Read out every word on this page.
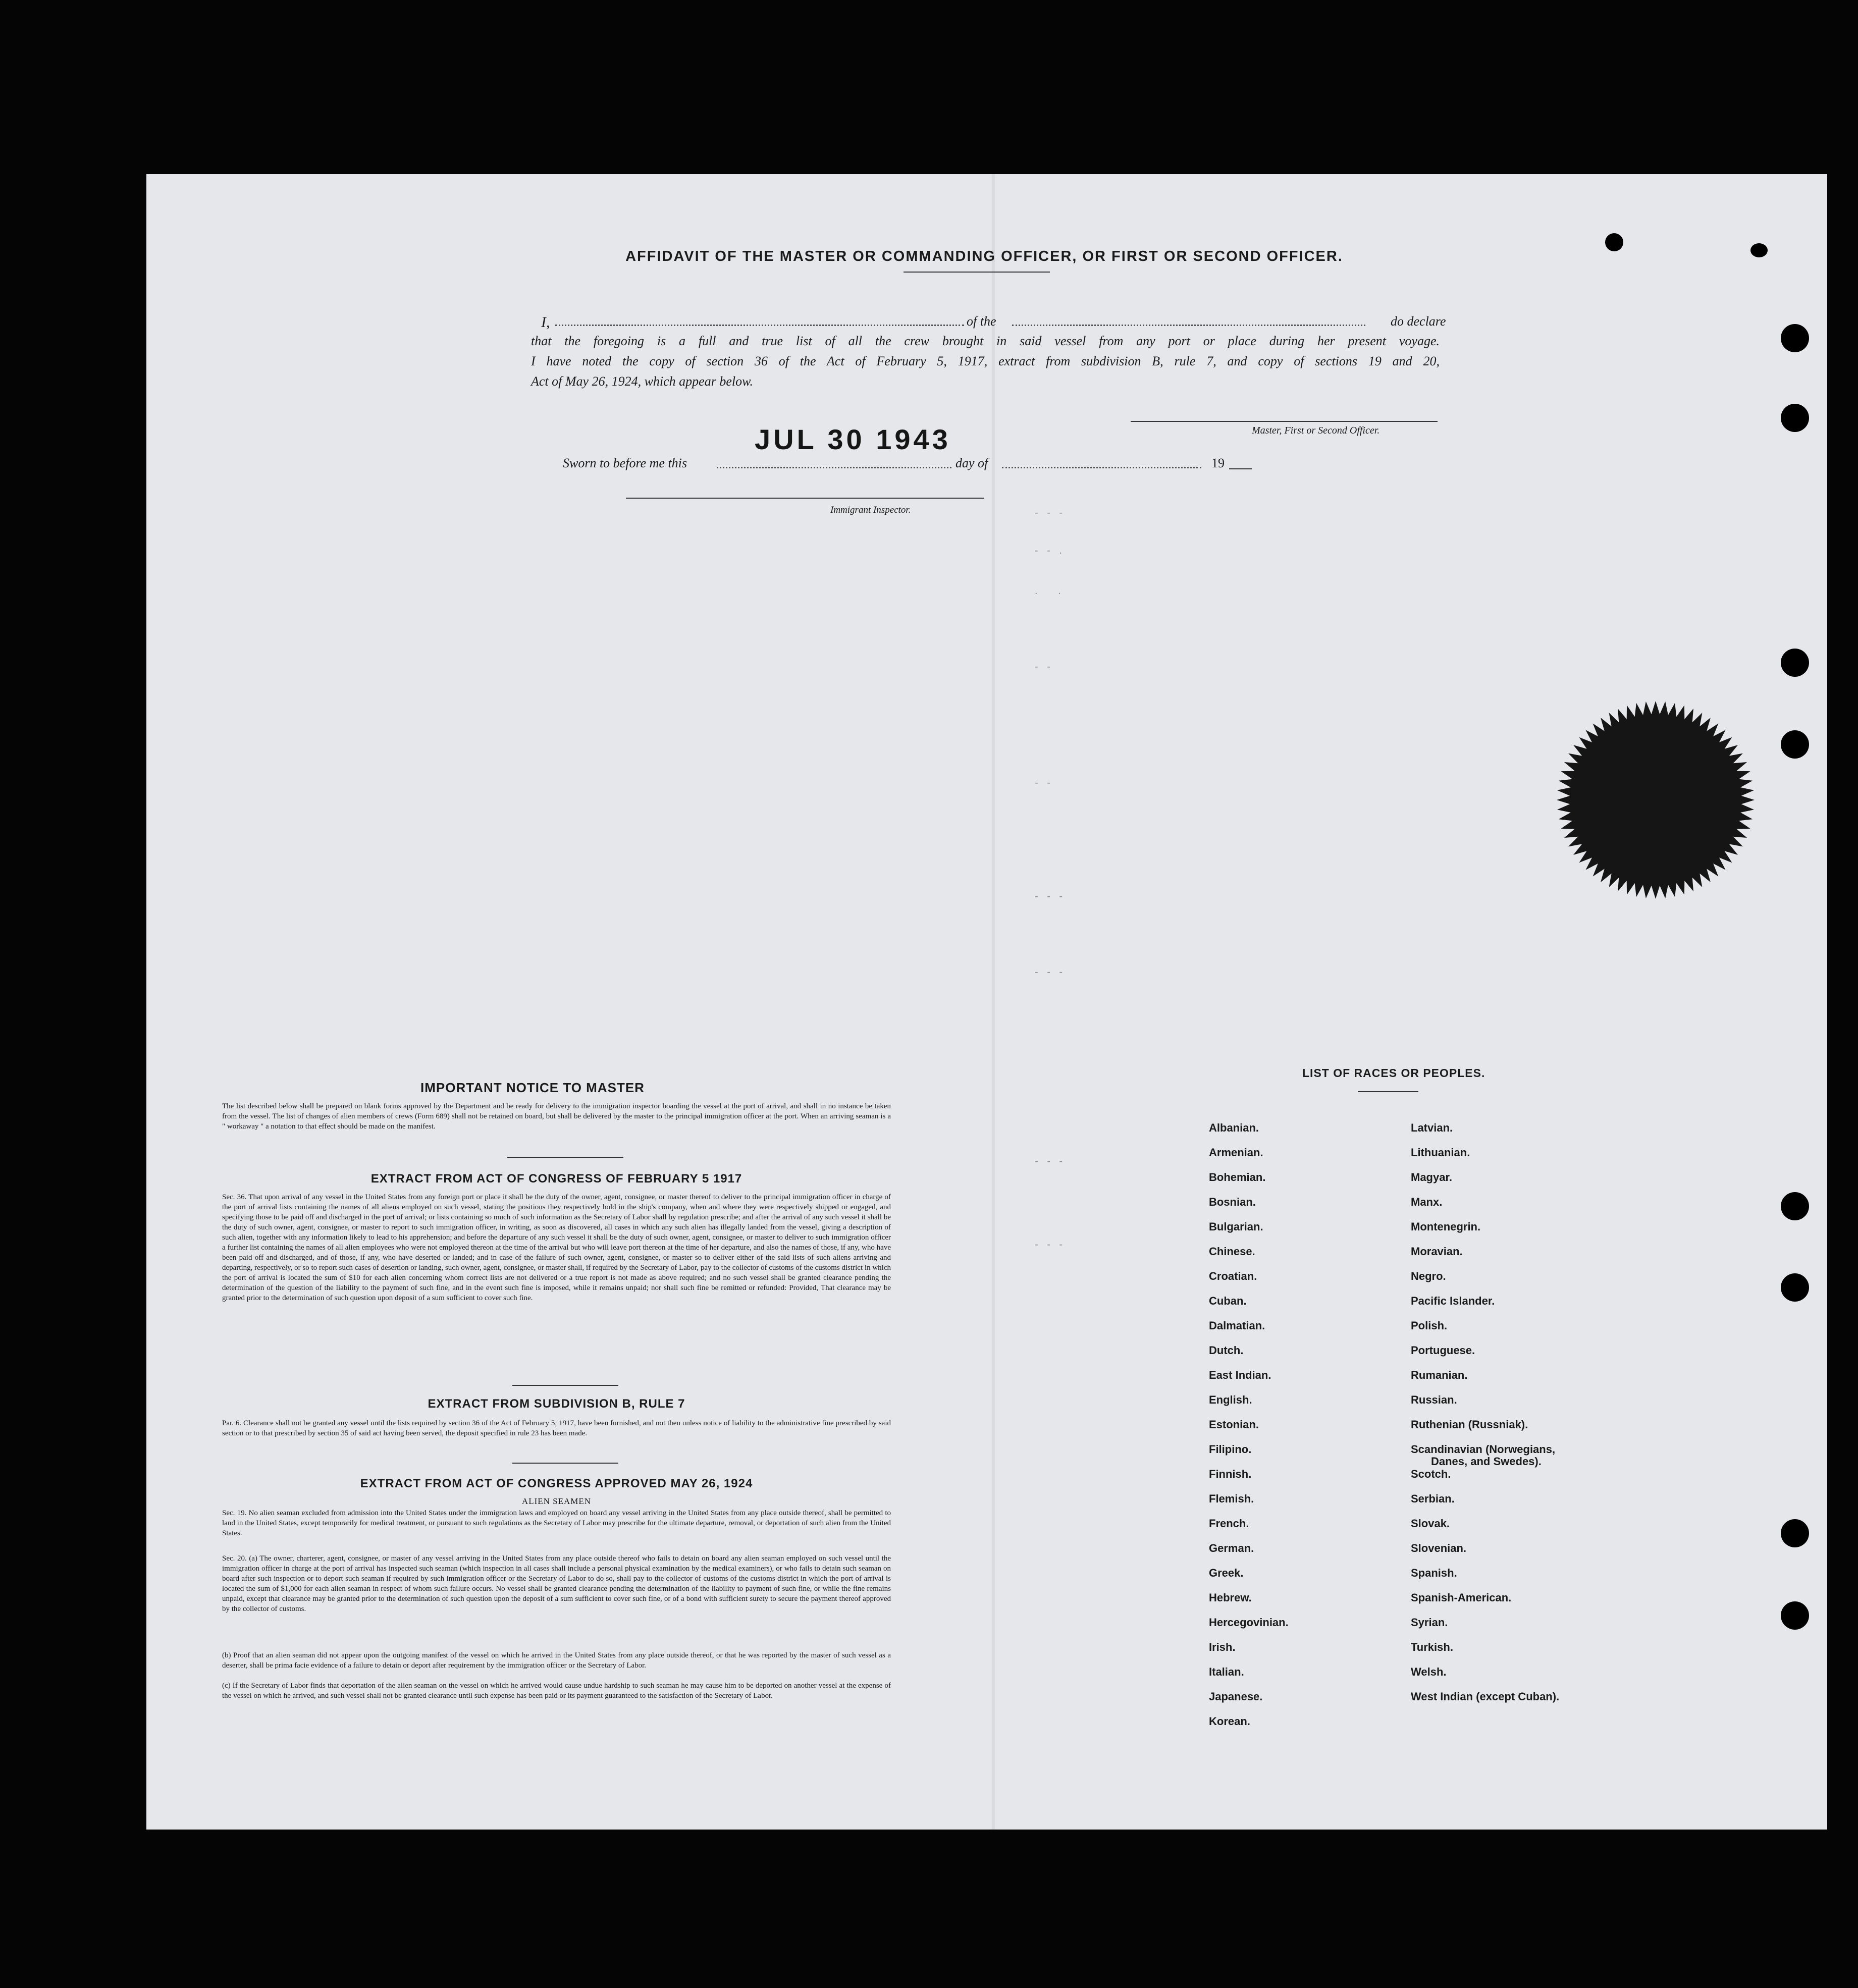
AFFIDAVIT OF THE MASTER OR COMMANDING OFFICER, OR FIRST OR SECOND OFFICER.
I,	of the	do declare
that the foregoing is a full and true list of all the crew brought in said vessel from any port or place during her present voyage.
I have noted the copy of section 36 of the Act of February 5, 1917, extract from subdivision B, rule 7, and copy of sections 19 and 20,
Act of May 26, 1924, which appear below.
Master, First or Second Officer.
JUL 30 1943
Sworn to before me this	day of	19
Immigrant Inspector.	- - -
- - .
.   .
- -
- -
- - -
- - -
- - -
- - -
IMPORTANT NOTICE TO MASTER
The list described below shall be prepared on blank forms approved by the Department and be ready for delivery to the immigration inspector boarding the vessel at the port of arrival, and shall in no instance be taken from the vessel. The list of changes of alien members of crews (Form 689) shall not be retained on board, but shall be delivered by the master to the principal immigration officer at the port. When an arriving seaman is a " workaway " a notation to that effect should be made on the manifest.
EXTRACT FROM ACT OF CONGRESS OF FEBRUARY 5 1917
Sec. 36. That upon arrival of any vessel in the United States from any foreign port or place it shall be the duty of the owner, agent, consignee, or master thereof to deliver to the principal immigration officer in charge of the port of arrival lists containing the names of all aliens employed on such vessel, stating the positions they respectively hold in the ship's company, when and where they were respectively shipped or engaged, and specifying those to be paid off and discharged in the port of arrival; or lists containing so much of such information as the Secretary of Labor shall by regulation prescribe; and after the arrival of any such vessel it shall be the duty of such owner, agent, consignee, or master to report to such immigration officer, in writing, as soon as discovered, all cases in which any such alien has illegally landed from the vessel, giving a description of such alien, together with any information likely to lead to his apprehension; and before the departure of any such vessel it shall be the duty of such owner, agent, consignee, or master to deliver to such immigration officer a further list containing the names of all alien employees who were not employed thereon at the time of the arrival but who will leave port thereon at the time of her departure, and also the names of those, if any, who have been paid off and discharged, and of those, if any, who have deserted or landed; and in case of the failure of such owner, agent, consignee, or master so to deliver either of the said lists of such aliens arriving and departing, respectively, or so to report such cases of desertion or landing, such owner, agent, consignee, or master shall, if required by the Secretary of Labor, pay to the collector of customs of the customs district in which the port of arrival is located the sum of $10 for each alien concerning whom correct lists are not delivered or a true report is not made as above required; and no such vessel shall be granted clearance pending the determination of the question of the liability to the payment of such fine, and in the event such fine is imposed, while it remains unpaid; nor shall such fine be remitted or refunded: Provided, That clearance may be granted prior to the determination of such question upon deposit of a sum sufficient to cover such fine.
EXTRACT FROM SUBDIVISION B, RULE 7
Par. 6. Clearance shall not be granted any vessel until the lists required by section 36 of the Act of February 5, 1917, have been furnished, and not then unless notice of liability to the administrative fine prescribed by said section or to that prescribed by section 35 of said act having been served, the deposit specified in rule 23 has been made.
EXTRACT FROM ACT OF CONGRESS APPROVED MAY 26, 1924
ALIEN SEAMEN
Sec. 19. No alien seaman excluded from admission into the United States under the immigration laws and employed on board any vessel arriving in the United States from any place outside thereof, shall be permitted to land in the United States, except temporarily for medical treatment, or pursuant to such regulations as the Secretary of Labor may prescribe for the ultimate departure, removal, or deportation of such alien from the United States.
Sec. 20. (a) The owner, charterer, agent, consignee, or master of any vessel arriving in the United States from any place outside thereof who fails to detain on board any alien seaman employed on such vessel until the immigration officer in charge at the port of arrival has inspected such seaman (which inspection in all cases shall include a personal physical examination by the medical examiners), or who fails to detain such seaman on board after such inspection or to deport such seaman if required by such immigration officer or the Secretary of Labor to do so, shall pay to the collector of customs of the customs district in which the port of arrival is located the sum of $1,000 for each alien seaman in respect of whom such failure occurs. No vessel shall be granted clearance pending the determination of the liability to payment of such fine, or while the fine remains unpaid, except that clearance may be granted prior to the determination of such question upon the deposit of a sum sufficient to cover such fine, or of a bond with sufficient surety to secure the payment thereof approved by the collector of customs.
(b) Proof that an alien seaman did not appear upon the outgoing manifest of the vessel on which he arrived in the United States from any place outside thereof, or that he was reported by the master of such vessel as a deserter, shall be prima facie evidence of a failure to detain or deport after requirement by the immigration officer or the Secretary of Labor.
(c) If the Secretary of Labor finds that deportation of the alien seaman on the vessel on which he arrived would cause undue hardship to such seaman he may cause him to be deported on another vessel at the expense of the vessel on which he arrived, and such vessel shall not be granted clearance until such expense has been paid or its payment guaranteed to the satisfaction of the Secretary of Labor.
LIST OF RACES OR PEOPLES.
Albanian.
Armenian.
Bohemian.
Bosnian.
Bulgarian.
Chinese.
Croatian.
Cuban.
Dalmatian.
Dutch.
East Indian.
English.
Estonian.
Filipino.
Finnish.
Flemish.
French.
German.
Greek.
Hebrew.
Hercegovinian.
Irish.
Italian.
Japanese.
Korean.
Latvian.
Lithuanian.
Magyar.
Manx.
Montenegrin.
Moravian.
Negro.
Pacific Islander.
Polish.
Portuguese.
Rumanian.
Russian.
Ruthenian (Russniak).
Scandinavian (Norwegians,
Danes, and Swedes).
Scotch.
Serbian.
Slovak.
Slovenian.
Spanish.
Spanish-American.
Syrian.
Turkish.
Welsh.
West Indian (except Cuban).
